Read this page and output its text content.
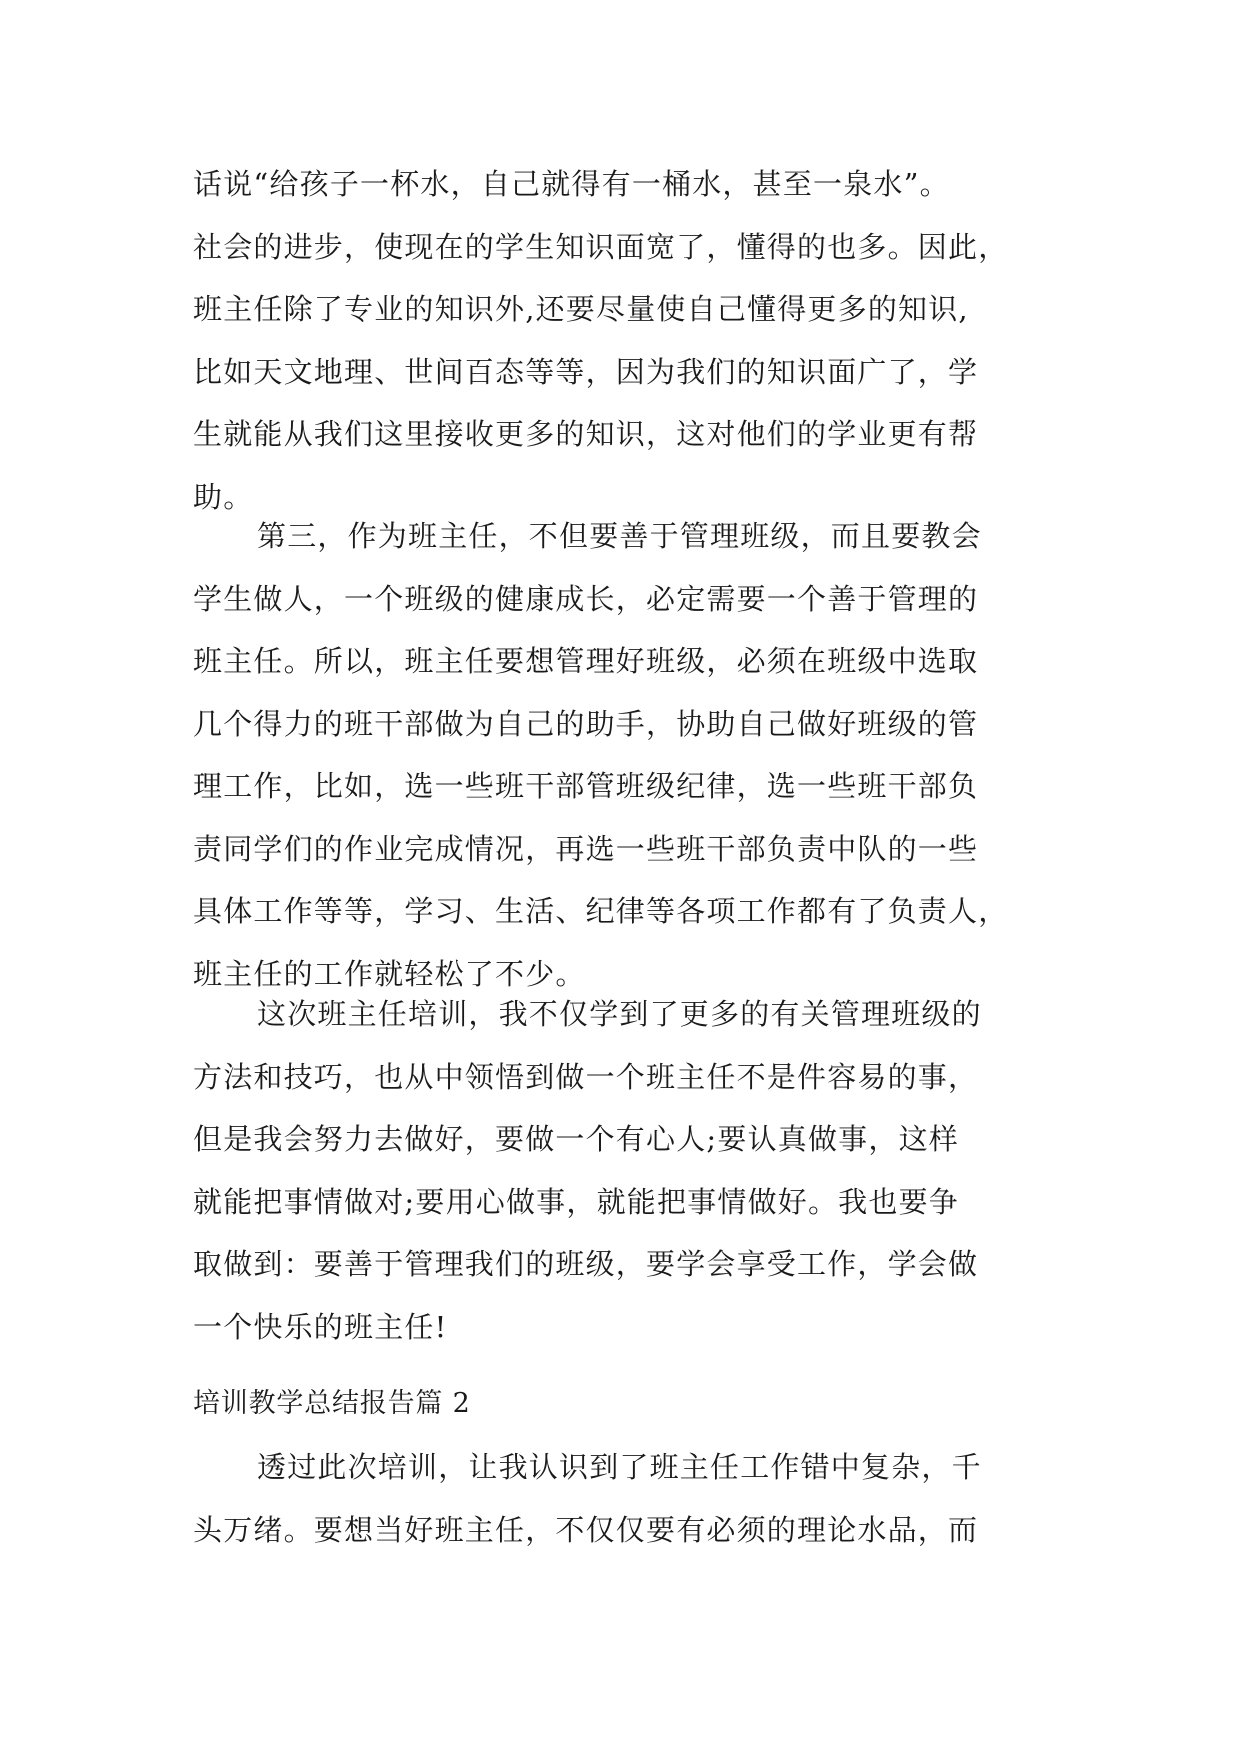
话说“给孩子一杯水，自己就得有一桶水，甚至一泉水”。
社会的进步，使现在的学生知识面宽了，懂得的也多。因此，
班主任除了专业的知识外,还要尽量使自己懂得更多的知识,
比如天文地理、世间百态等等，因为我们的知识面广了，学
生就能从我们这里接收更多的知识，这对他们的学业更有帮
助。
第三，作为班主任，不但要善于管理班级，而且要教会
学生做人，一个班级的健康成长，必定需要一个善于管理的
班主任。所以，班主任要想管理好班级，必须在班级中选取
几个得力的班干部做为自己的助手，协助自己做好班级的管
理工作，比如，选一些班干部管班级纪律，选一些班干部负
责同学们的作业完成情况，再选一些班干部负责中队的一些
具体工作等等，学习、生活、纪律等各项工作都有了负责人，
班主任的工作就轻松了不少。
这次班主任培训，我不仅学到了更多的有关管理班级的
方法和技巧，也从中领悟到做一个班主任不是件容易的事，
但是我会努力去做好，要做一个有心人;要认真做事，这样
就能把事情做对;要用心做事，就能把事情做好。我也要争
取做到：要善于管理我们的班级，要学会享受工作，学会做
一个快乐的班主任!
培训教学总结报告篇 2
透过此次培训，让我认识到了班主任工作错中复杂，千
头万绪。要想当好班主任，不仅仅要有必须的理论水品，而
